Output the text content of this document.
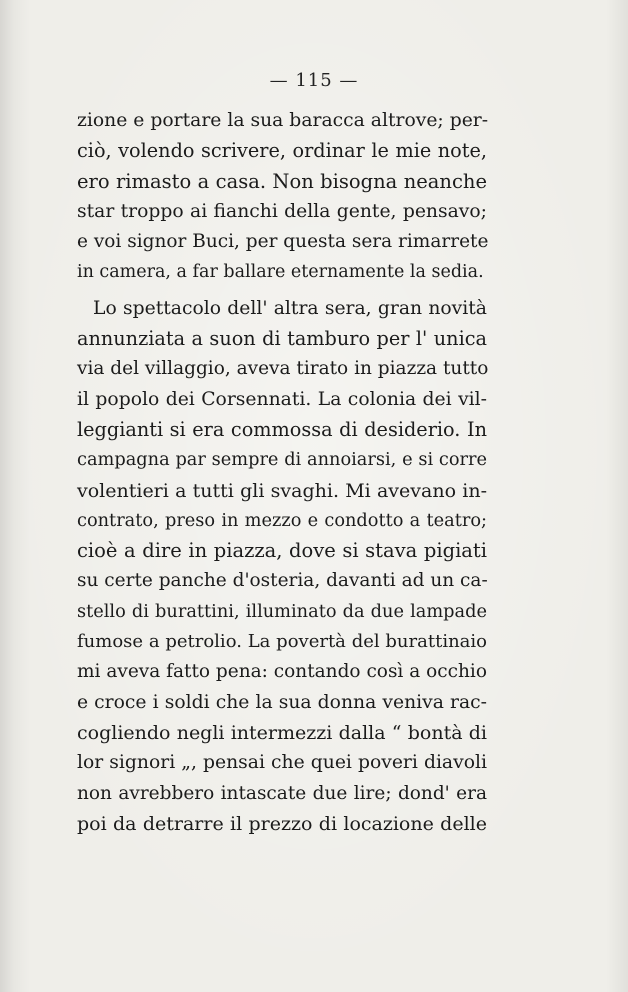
— 115 —
zione e portare la sua baracca altrove; per-
ciò, volendo scrivere, ordinar le mie note,
ero rimasto a casa. Non bisogna neanche
star troppo ai fianchi della gente, pensavo;
e voi signor Buci, per questa sera rimarrete
in camera, a far ballare eternamente la sedia.
Lo spettacolo dell' altra sera, gran novità
annunziata a suon di tamburo per l' unica
via del villaggio, aveva tirato in piazza tutto
il popolo dei Corsennati. La colonia dei vil-
leggianti si era commossa di desiderio. In
campagna par sempre di annoiarsi, e si corre
volentieri a tutti gli svaghi. Mi avevano in-
contrato, preso in mezzo e condotto a teatro;
cioè a dire in piazza, dove si stava pigiati
su certe panche d'osteria, davanti ad un ca-
stello di burattini, illuminato da due lampade
fumose a petrolio. La povertà del burattinaio
mi aveva fatto pena: contando così a occhio
e croce i soldi che la sua donna veniva rac-
cogliendo negli intermezzi dalla “ bontà di
lor signori „, pensai che quei poveri diavoli
non avrebbero intascate due lire; dond' era
poi da detrarre il prezzo di locazione delle
